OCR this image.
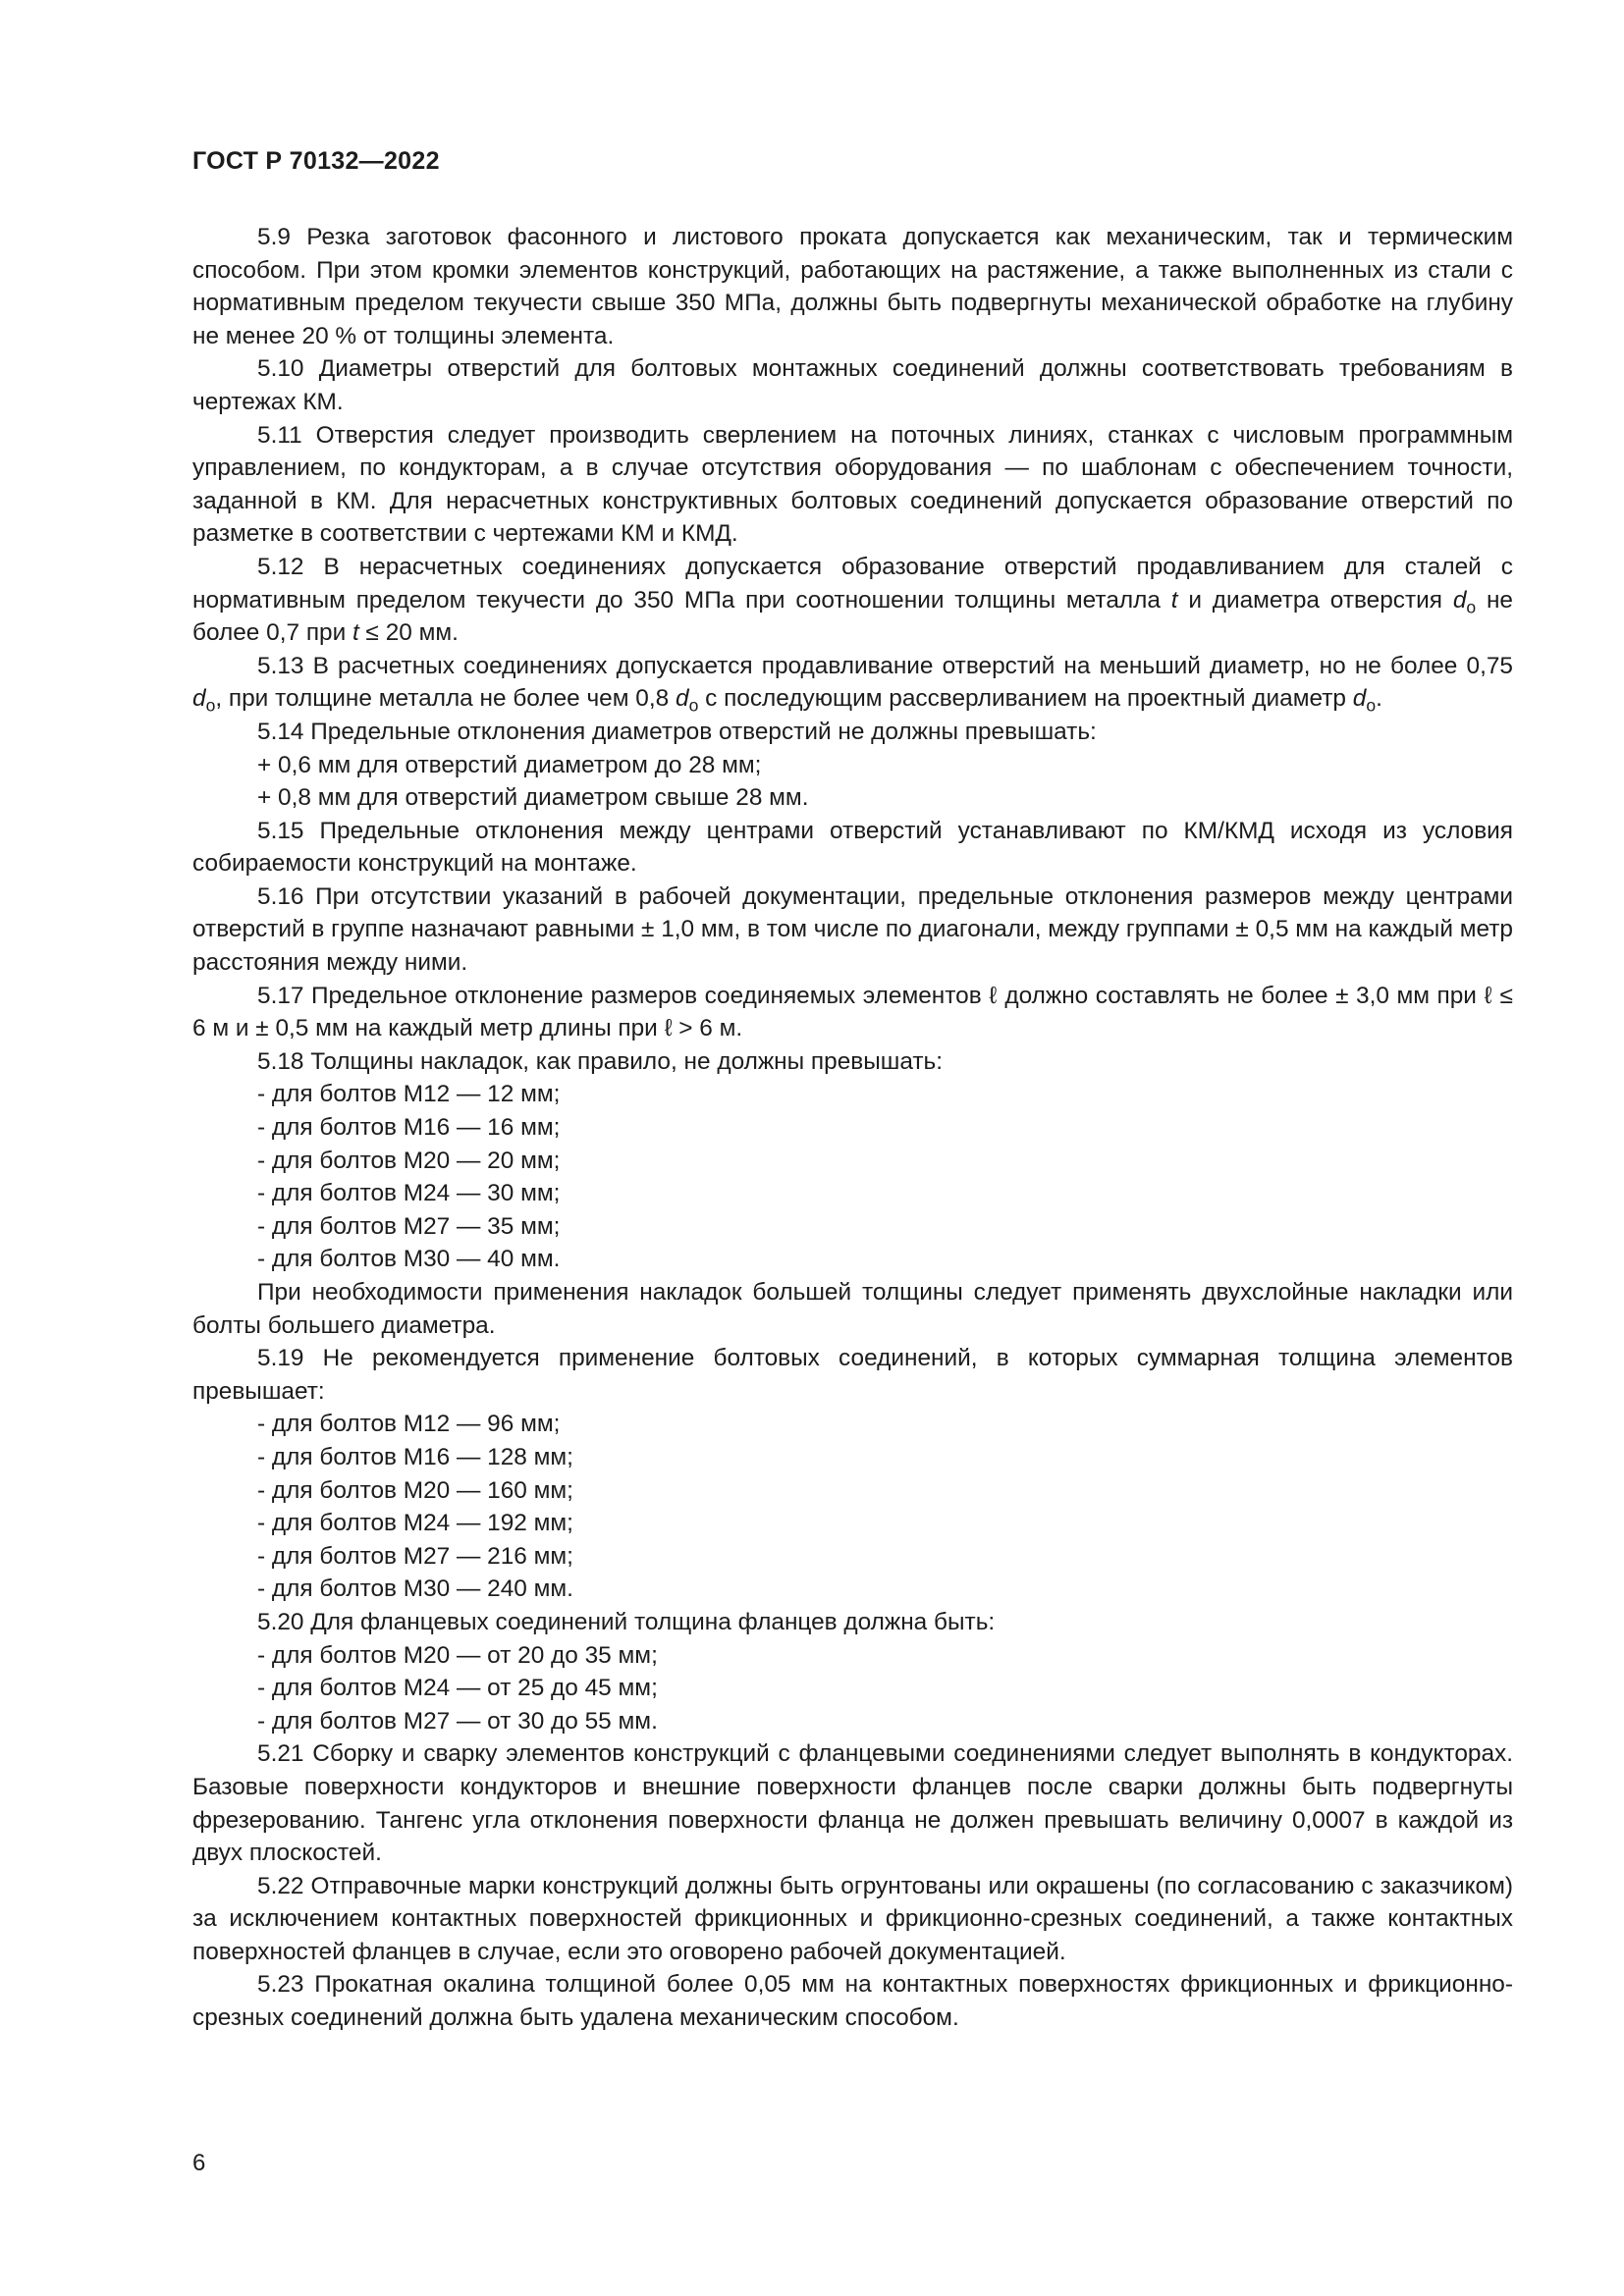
ГОСТ Р 70132—2022

5.9 Резка заготовок фасонного и листового проката допускается как механическим, так и термическим способом. При этом кромки элементов конструкций, работающих на растяжение, а также выполненных из стали с нормативным пределом текучести свыше 350 МПа, должны быть подвергнуты механической обработке на глубину не менее 20 % от толщины элемента.

5.10 Диаметры отверстий для болтовых монтажных соединений должны соответствовать требованиям в чертежах КМ.

5.11 Отверстия следует производить сверлением на поточных линиях, станках с числовым программным управлением, по кондукторам, а в случае отсутствия оборудования — по шаблонам с обеспечением точности, заданной в КМ. Для нерасчетных конструктивных болтовых соединений допускается образование отверстий по разметке в соответствии с чертежами КМ и КМД.

5.12 В нерасчетных соединениях допускается образование отверстий продавливанием для сталей с нормативным пределом текучести до 350 МПа при соотношении толщины металла t и диаметра отверстия $d_o$ не более 0,7 при t ≤ 20 мм.

5.13 В расчетных соединениях допускается продавливание отверстий на меньший диаметр, но не более 0,75 $d_o$, при толщине металла не более чем 0,8 $d_o$ с последующим рассверливанием на проектный диаметр $d_o$.

5.14 Предельные отклонения диаметров отверстий не должны превышать:

+ 0,6 мм для отверстий диаметром до 28 мм;

+ 0,8 мм для отверстий диаметром свыше 28 мм.

5.15 Предельные отклонения между центрами отверстий устанавливают по КМ/КМД исходя из условия собираемости конструкций на монтаже.

5.16 При отсутствии указаний в рабочей документации, предельные отклонения размеров между центрами отверстий в группе назначают равными ± 1,0 мм, в том числе по диагонали, между группами ± 0,5 мм на каждый метр расстояния между ними.

5.17 Предельное отклонение размеров соединяемых элементов ℓ должно составлять не более ± 3,0 мм при ℓ ≤ 6 м и ± 0,5 мм на каждый метр длины при ℓ > 6 м.

5.18 Толщины накладок, как правило, не должны превышать:

- для болтов М12 — 12 мм;

- для болтов М16 — 16 мм;

- для болтов М20 — 20 мм;

- для болтов М24 — 30 мм;

- для болтов М27 — 35 мм;

- для болтов М30 — 40 мм.

При необходимости применения накладок большей толщины следует применять двухслойные накладки или болты большего диаметра.

5.19 Не рекомендуется применение болтовых соединений, в которых суммарная толщина элементов превышает:

- для болтов М12 — 96 мм;

- для болтов М16 — 128 мм;

- для болтов М20 — 160 мм;

- для болтов М24 — 192 мм;

- для болтов М27 — 216 мм;

- для болтов М30 — 240 мм.

5.20 Для фланцевых соединений толщина фланцев должна быть:

- для болтов М20 — от 20 до 35 мм;

- для болтов М24 — от 25 до 45 мм;

- для болтов М27 — от 30 до 55 мм.

5.21 Сборку и сварку элементов конструкций с фланцевыми соединениями следует выполнять в кондукторах. Базовые поверхности кондукторов и внешние поверхности фланцев после сварки должны быть подвергнуты фрезерованию. Тангенс угла отклонения поверхности фланца не должен превышать величину 0,0007 в каждой из двух плоскостей.

5.22 Отправочные марки конструкций должны быть огрунтованы или окрашены (по согласованию с заказчиком) за исключением контактных поверхностей фрикционных и фрикционно-срезных соединений, а также контактных поверхностей фланцев в случае, если это оговорено рабочей документацией.

5.23 Прокатная окалина толщиной более 0,05 мм на контактных поверхностях фрикционных и фрикционно-срезных соединений должна быть удалена механическим способом.

6
